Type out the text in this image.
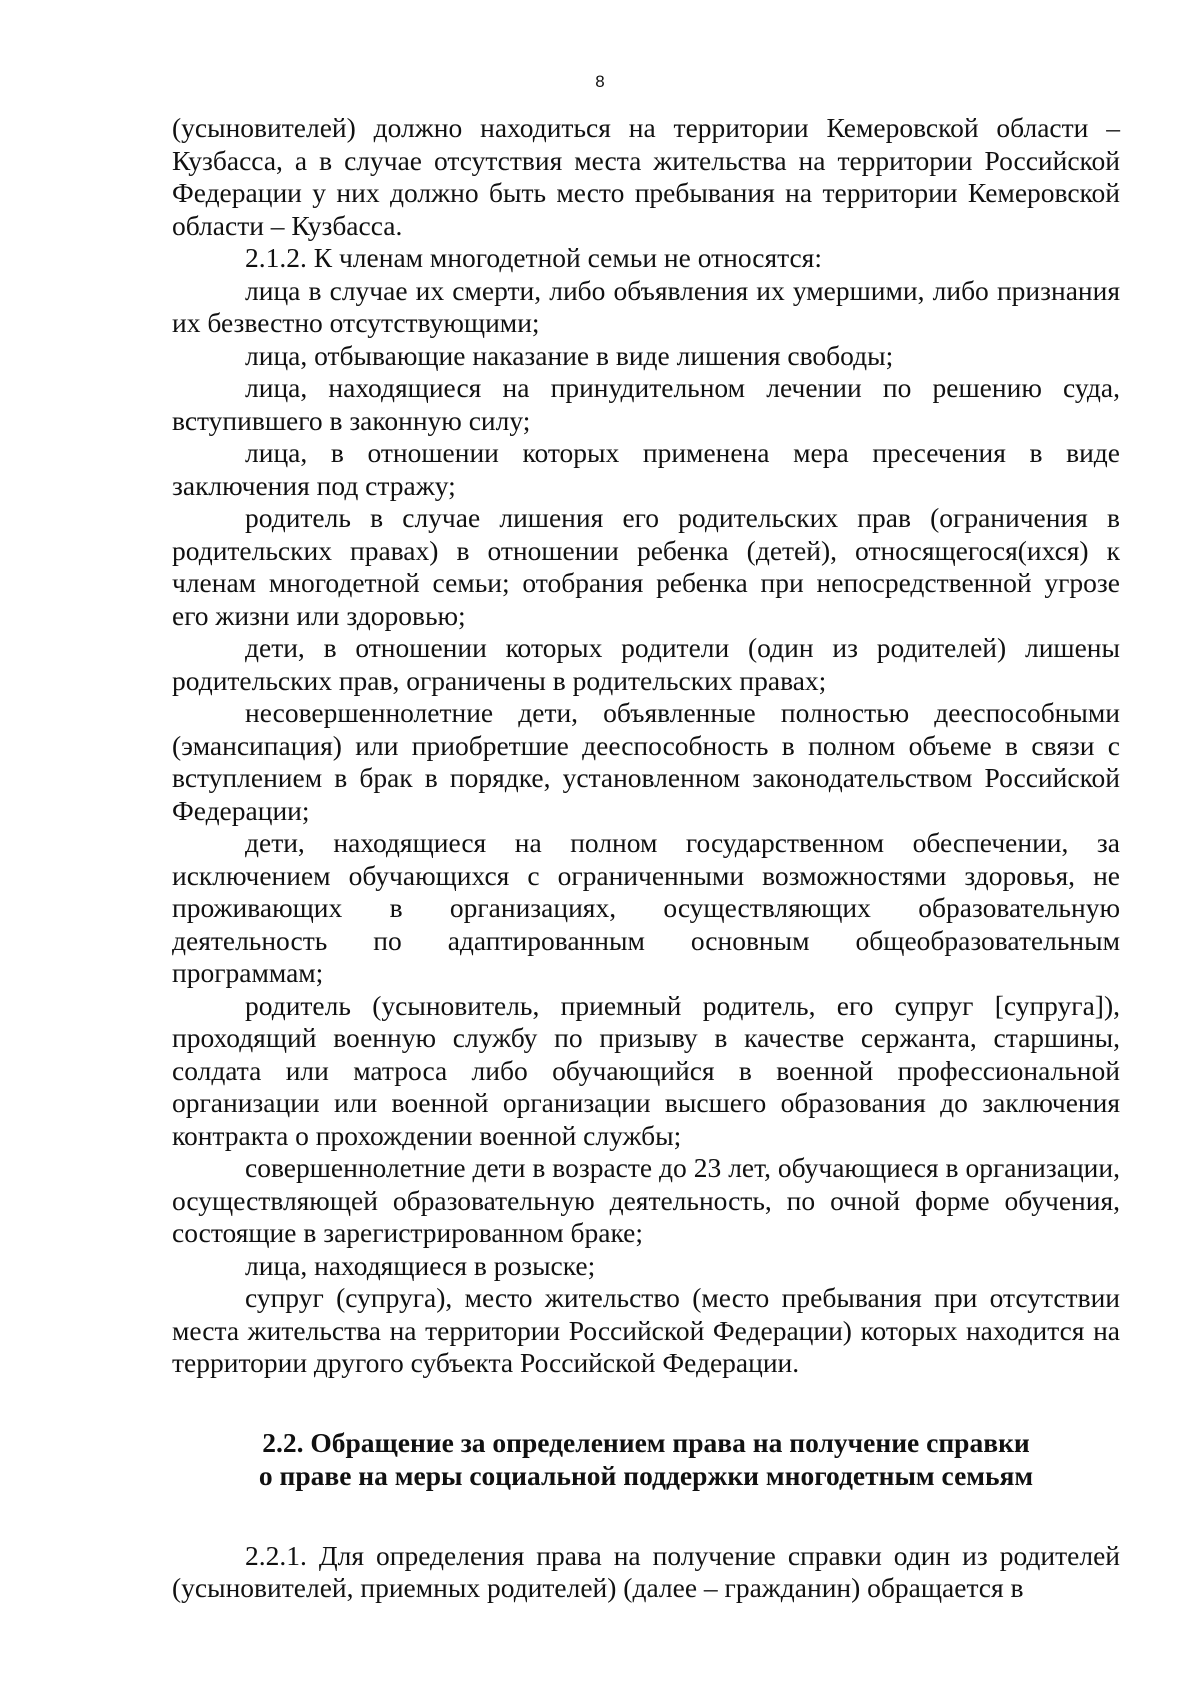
8

(усыновителей) должно находиться на территории Кемеровской области – Кузбасса, а в случае отсутствия места жительства на территории Российской Федерации у них должно быть место пребывания на территории Кемеровской области – Кузбасса.

2.1.2. К членам многодетной семьи не относятся:

лица в случае их смерти, либо объявления их умершими, либо признания их безвестно отсутствующими;

лица, отбывающие наказание в виде лишения свободы;

лица, находящиеся на принудительном лечении по решению суда, вступившего в законную силу;

лица, в отношении которых применена мера пресечения в виде заключения под стражу;

родитель в случае лишения его родительских прав (ограничения в родительских правах) в отношении ребенка (детей), относящегося(ихся) к членам многодетной семьи; отобрания ребенка при непосредственной угрозе его жизни или здоровью;

дети, в отношении которых родители (один из родителей) лишены родительских прав, ограничены в родительских правах;

несовершеннолетние дети, объявленные полностью дееспособными (эмансипация) или приобретшие дееспособность в полном объеме в связи с вступлением в брак в порядке, установленном законодательством Российской Федерации;

дети, находящиеся на полном государственном обеспечении, за исключением обучающихся с ограниченными возможностями здоровья, не проживающих в организациях, осуществляющих образовательную деятельность по адаптированным основным общеобразовательным программам;

родитель (усыновитель, приемный родитель, его супруг [супруга]), проходящий военную службу по призыву в качестве сержанта, старшины, солдата или матроса либо обучающийся в военной профессиональной организации или военной организации высшего образования до заключения контракта о прохождении военной службы;

совершеннолетние дети в возрасте до 23 лет, обучающиеся в организации, осуществляющей образовательную деятельность, по очной форме обучения, состоящие в зарегистрированном браке;

лица, находящиеся в розыске;

супруг (супруга), место жительство (место пребывания при отсутствии места жительства на территории Российской Федерации) которых находится на территории другого субъекта Российской Федерации.

2.2. Обращение за определением права на получение справки
о праве на меры социальной поддержки многодетным семьям

2.2.1. Для определения права на получение справки один из родителей (усыновителей, приемных родителей) (далее – гражданин) обращается в
